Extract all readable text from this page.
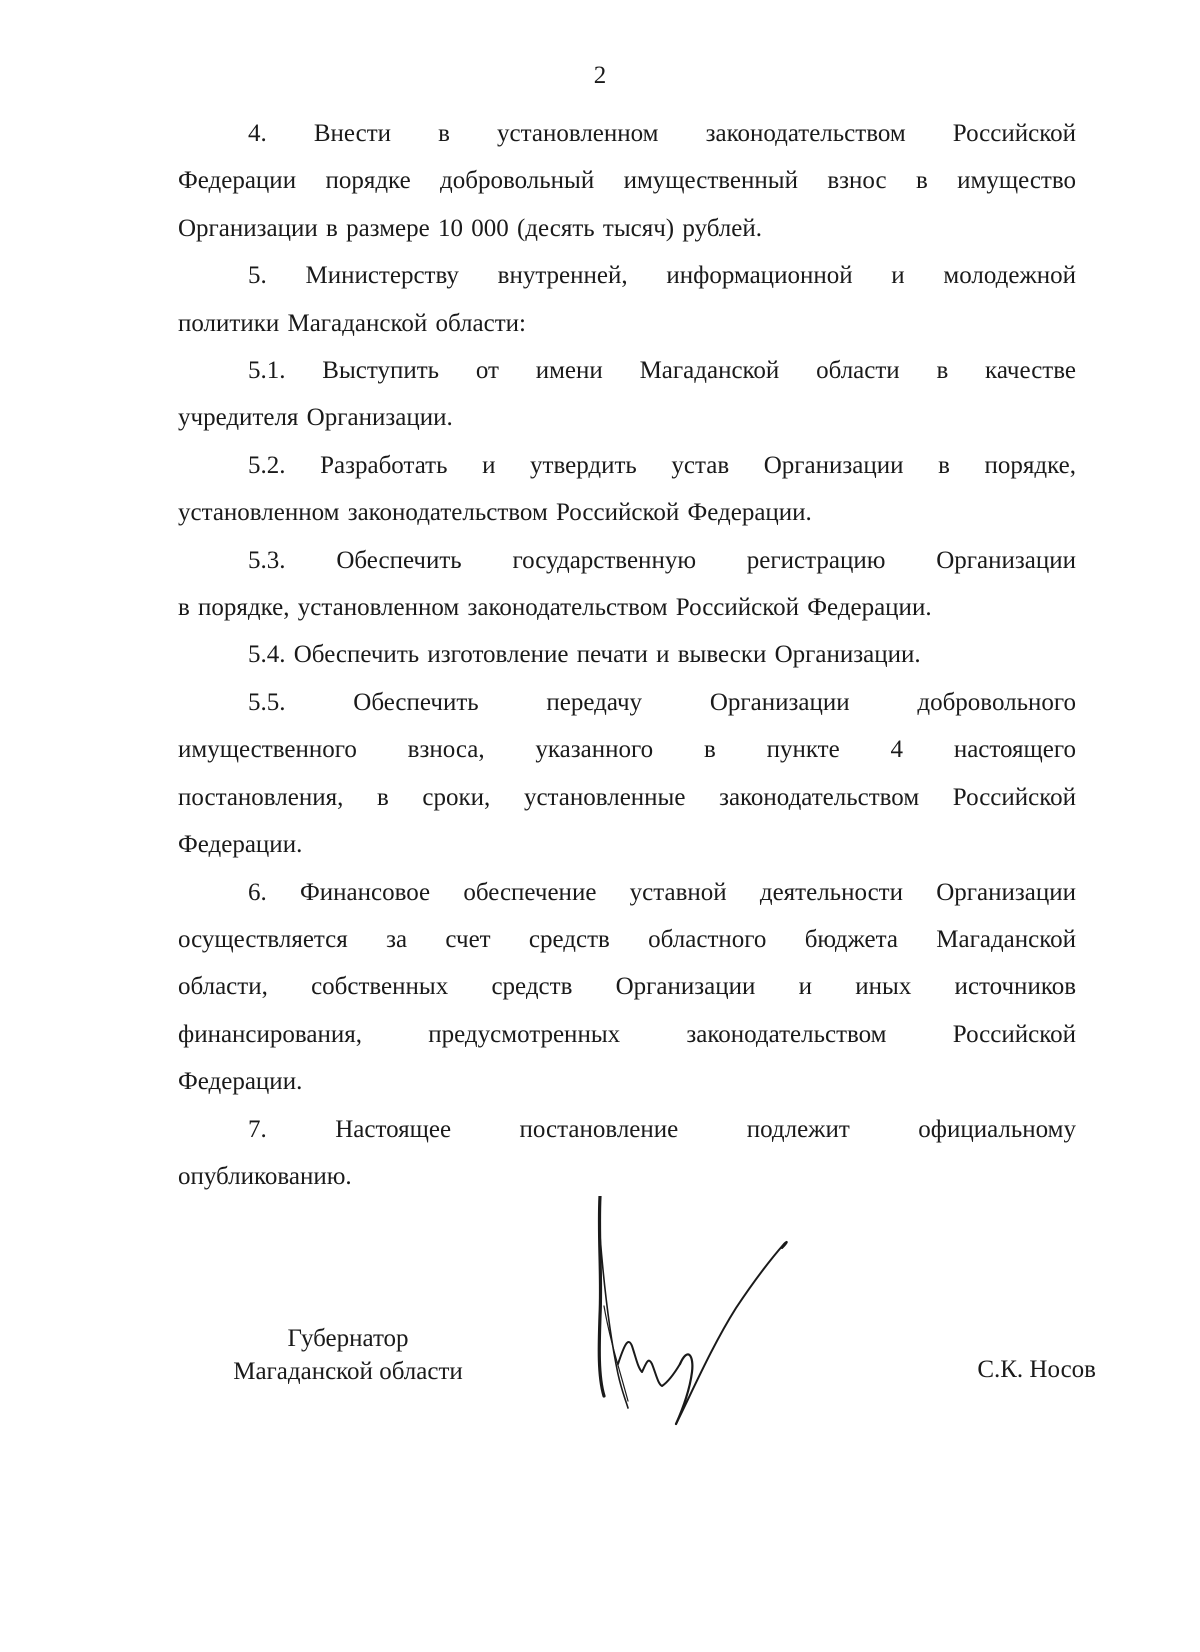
2

4. Внести в установленном законодательством Российской
Федерации порядке добровольный имущественный взнос в имущество
Организации в размере 10 000 (десять тысяч) рублей.

5. Министерству внутренней, информационной и молодежной
политики Магаданской области:

5.1. Выступить от имени Магаданской области в качестве
учредителя Организации.

5.2. Разработать и утвердить устав Организации в порядке,
установленном законодательством Российской Федерации.

5.3. Обеспечить государственную регистрацию Организации
в порядке, установленном законодательством Российской Федерации.

5.4. Обеспечить изготовление печати и вывески Организации.

5.5. Обеспечить передачу Организации добровольного
имущественного взноса, указанного в пункте 4 настоящего
постановления, в сроки, установленные законодательством Российской
Федерации.

6. Финансовое обеспечение уставной деятельности Организации
осуществляется за счет средств областного бюджета Магаданской
области, собственных средств Организации и иных источников
финансирования, предусмотренных законодательством Российской
Федерации.

7. Настоящее постановление подлежит официальному
опубликованию.

Губернатор
Магаданской области	С.К. Носов
